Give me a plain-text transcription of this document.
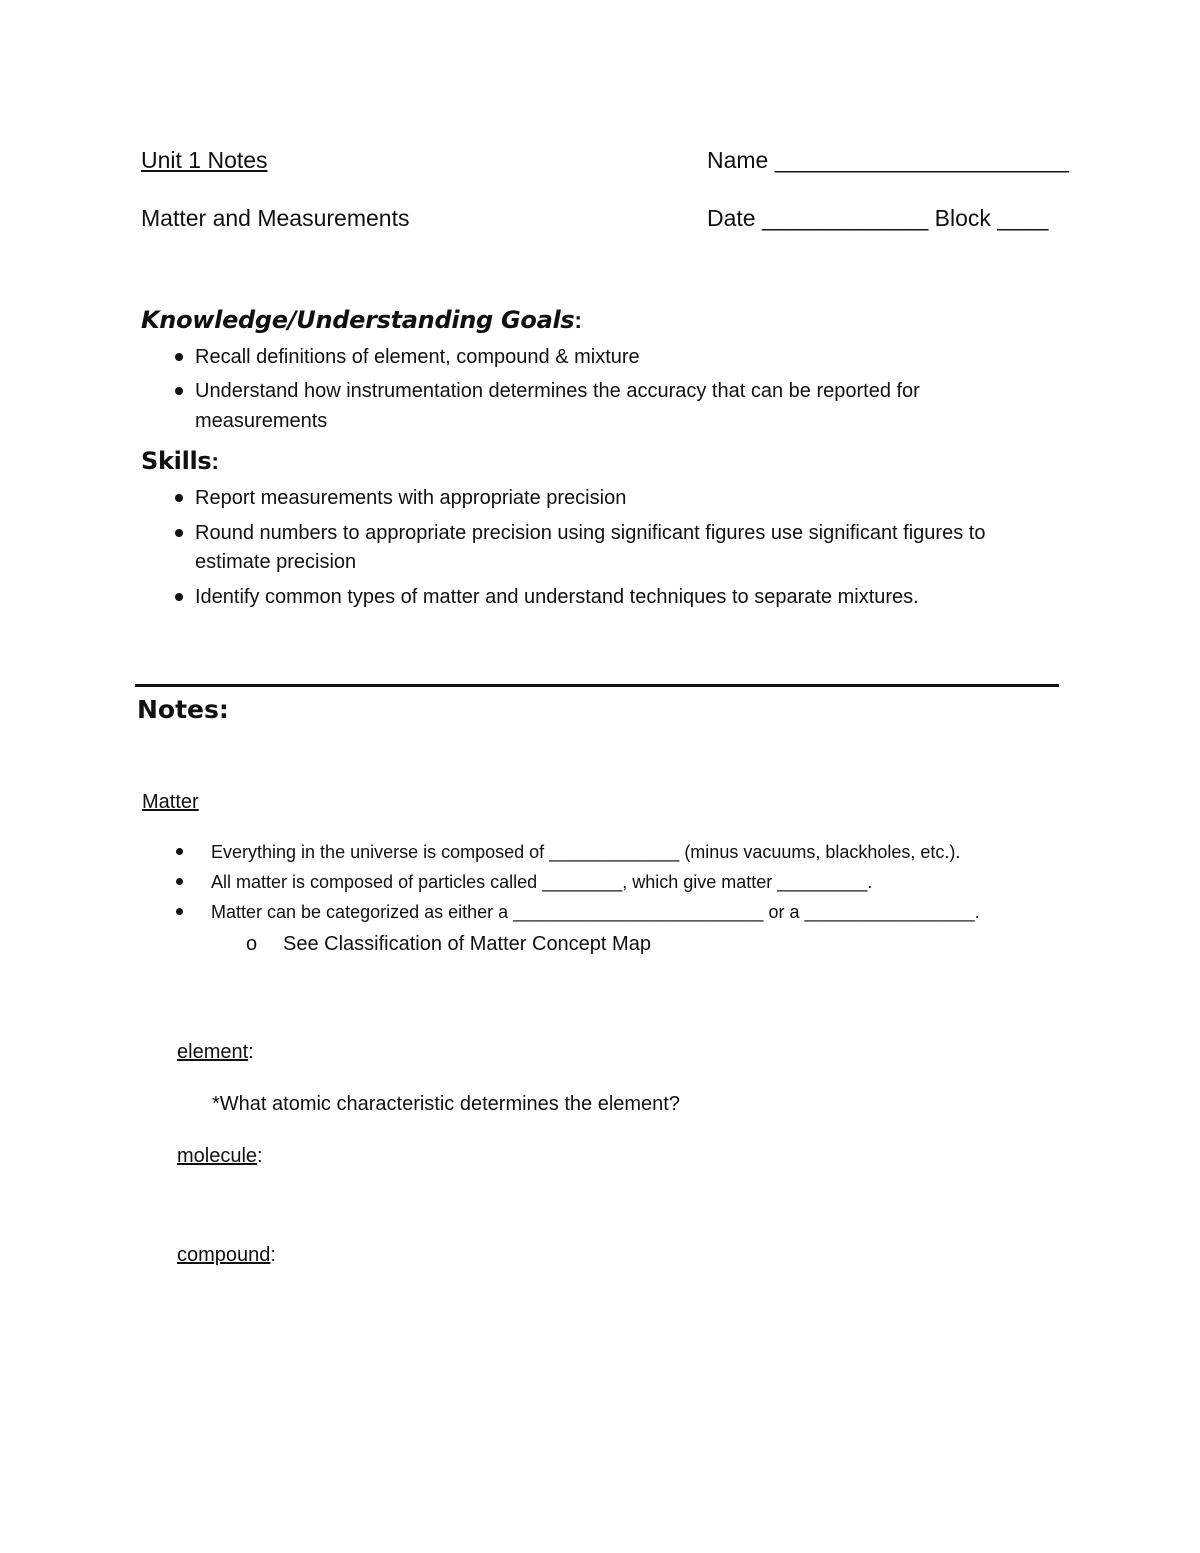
Unit 1 Notes	Name _______________________
Matter and Measurements	Date _____________ Block ____
Knowledge/Understanding Goals:
Recall definitions of element, compound & mixture
Understand how instrumentation determines the accuracy that can be reported for
measurements
Skills:
Report measurements with appropriate precision
Round numbers to appropriate precision using significant figures use significant figures to
estimate precision
Identify common types of matter and understand techniques to separate mixtures.
Notes:
Matter
Everything in the universe is composed of _____________ (minus vacuums, blackholes, etc.).
All matter is composed of particles called ________, which give matter _________.
Matter can be categorized as either a _________________________ or a _________________.
o See Classification of Matter Concept Map
element:
*What atomic characteristic determines the element?
molecule:
compound:
